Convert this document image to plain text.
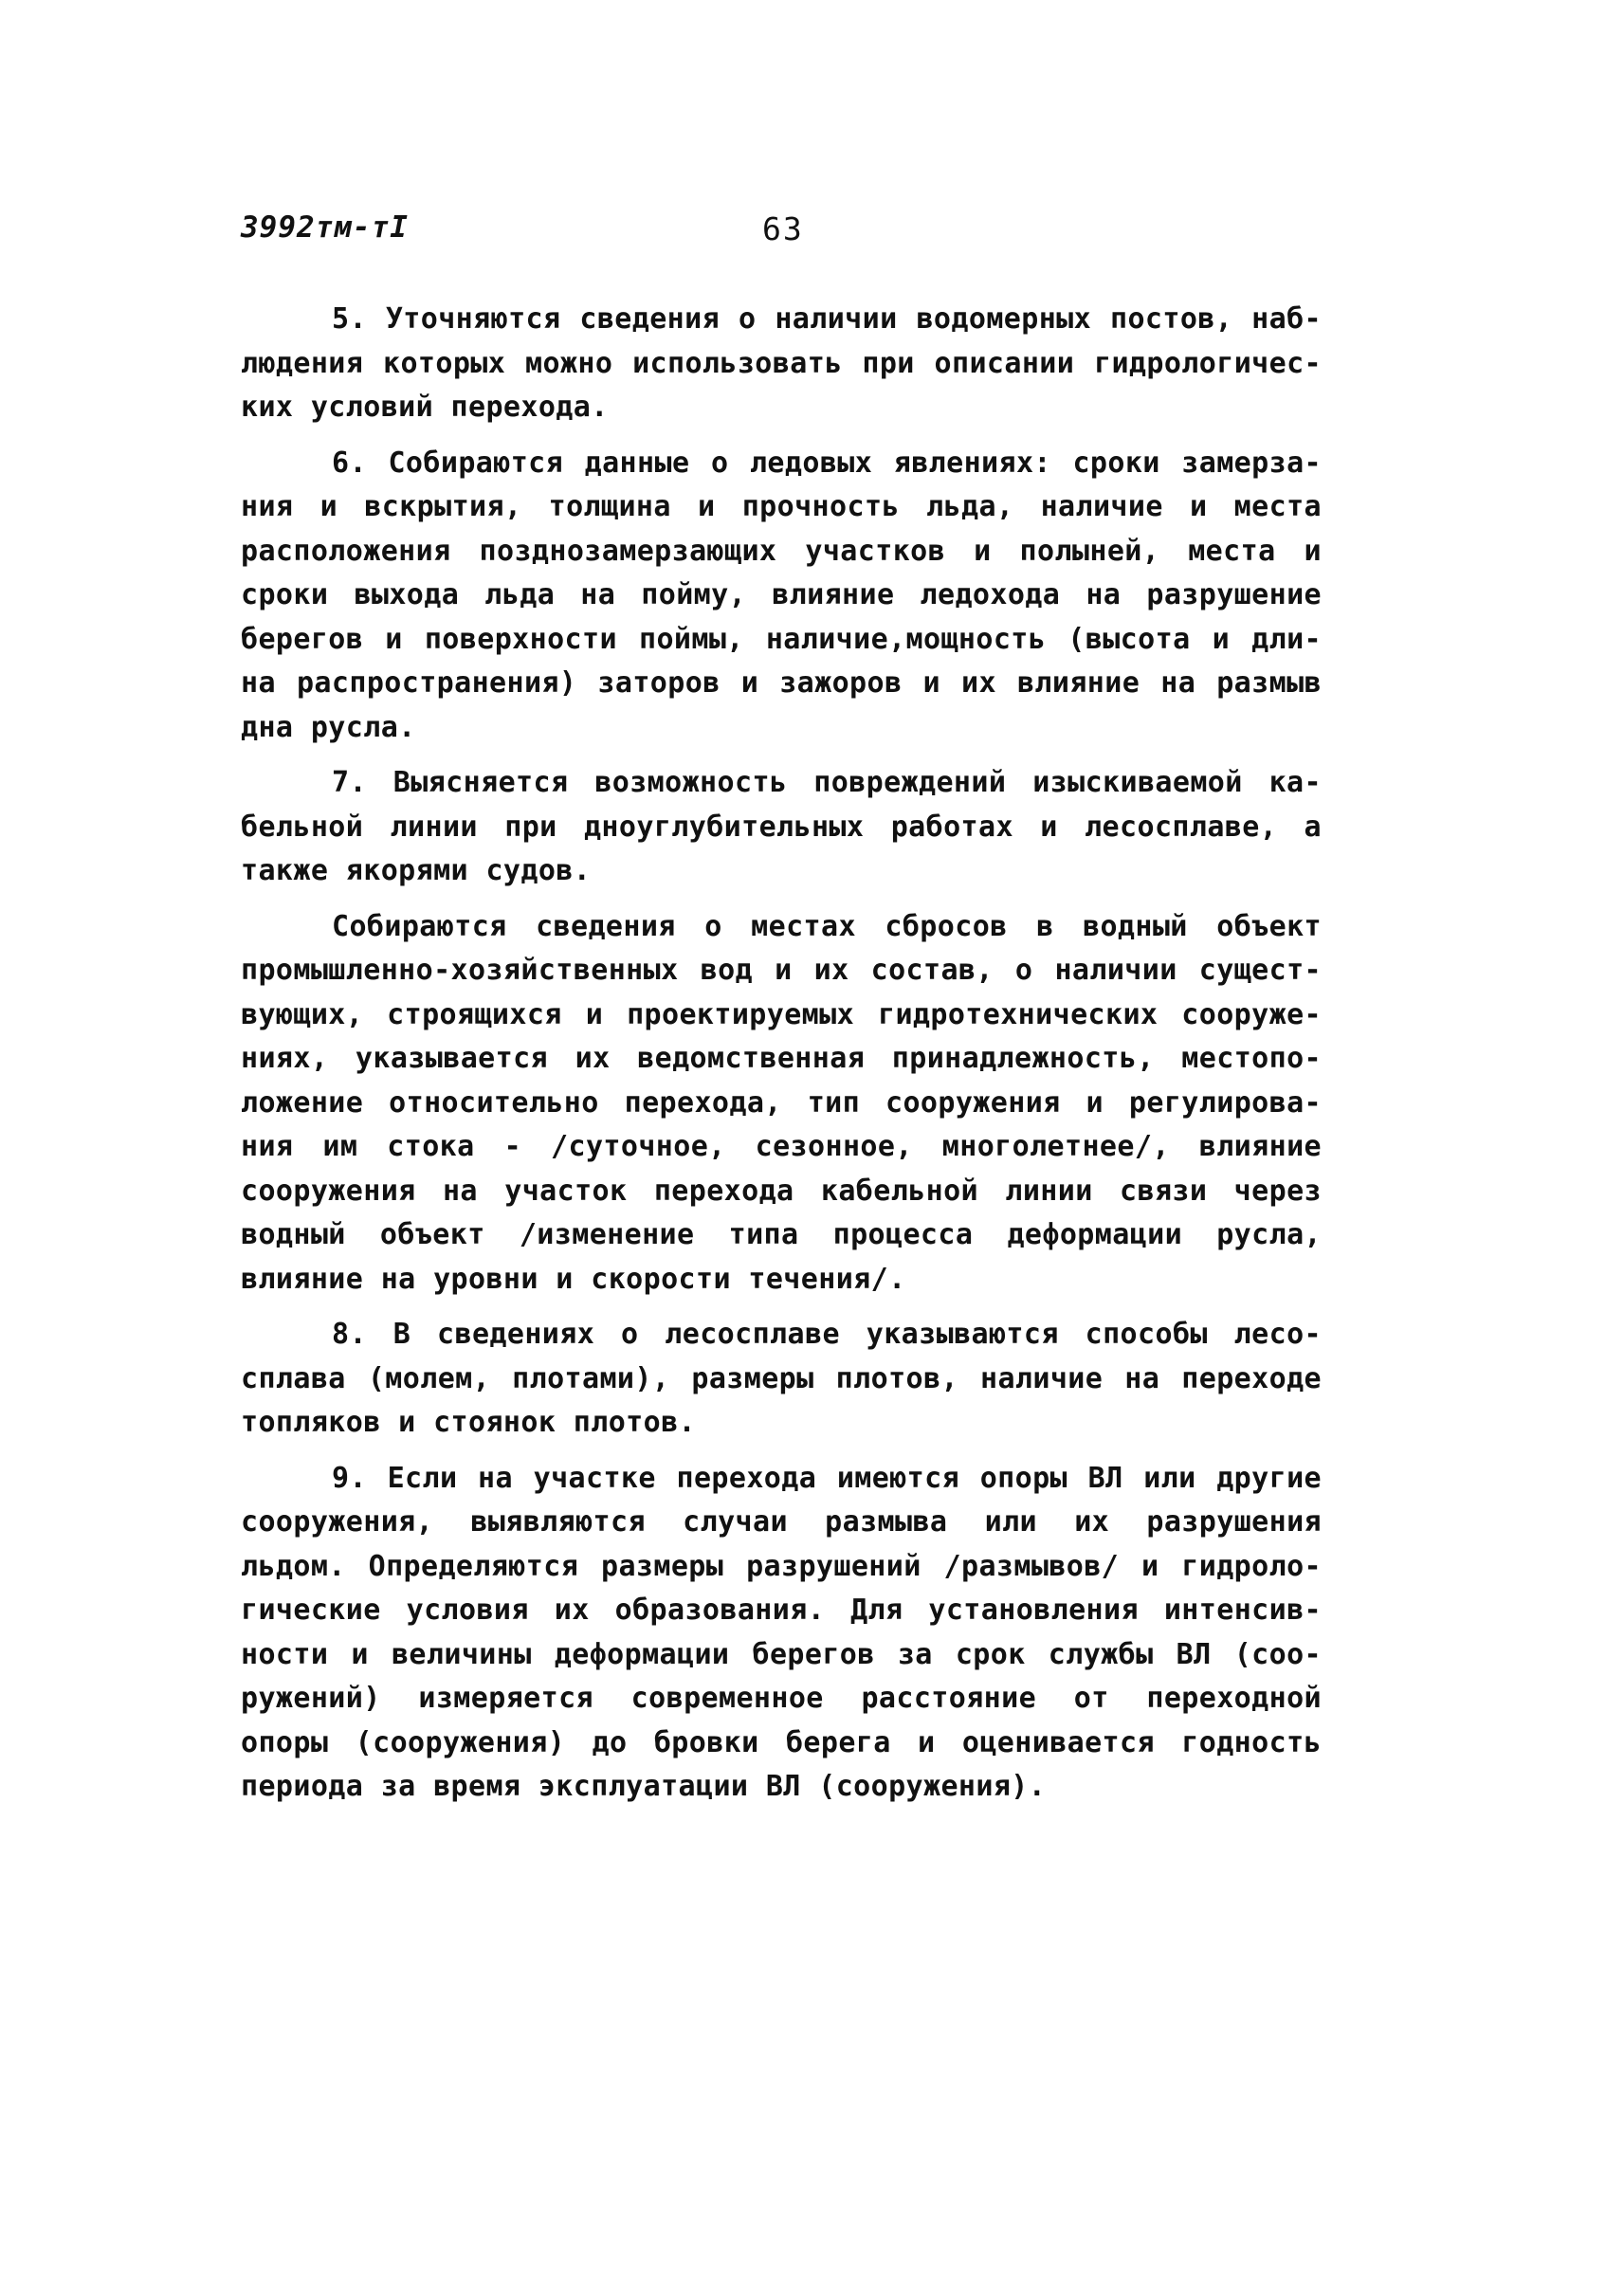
3992тм-тI	63
5. Уточняются сведения о наличии водомерных постов, наб-
людения которых можно использовать при описании гидрологичес-
ких условий перехода.
6. Собираются данные о ледовых явлениях: сроки замерза-
ния и вскрытия, толщина и прочность льда, наличие и места
расположения позднозамерзающих участков и полыней, места и
сроки выхода льда на пойму, влияние ледохода на разрушение
берегов и поверхности поймы, наличие,мощность (высота и дли-
на распространения) заторов и зажоров и их влияние на размыв
дна русла.
7. Выясняется возможность повреждений изыскиваемой ка-
бельной линии при дноуглубительных работах и лесосплаве, а
также якорями судов.
Собираются сведения о местах сбросов в водный объект
промышленно-хозяйственных вод и их состав, о наличии сущест-
вующих, строящихся и проектируемых гидротехнических сооруже-
ниях, указывается их ведомственная принадлежность, местопо-
ложение относительно перехода, тип сооружения и регулирова-
ния им стока - /суточное, сезонное, многолетнее/, влияние
сооружения на участок перехода кабельной линии связи через
водный объект /изменение типа процесса деформации русла,
влияние на уровни и скорости течения/.
8. В сведениях о лесосплаве указываются способы лесо-
сплава (молем, плотами), размеры плотов, наличие на переходе
топляков и стоянок плотов.
9. Если на участке перехода имеются опоры ВЛ или другие
сооружения, выявляются случаи размыва или их разрушения
льдом. Определяются размеры разрушений /размывов/ и гидроло-
гические условия их образования. Для установления интенсив-
ности и величины деформации берегов за срок службы ВЛ (соо-
ружений) измеряется современное расстояние от переходной
опоры (сооружения) до бровки берега и оценивается годность
периода за время эксплуатации ВЛ (сооружения).
